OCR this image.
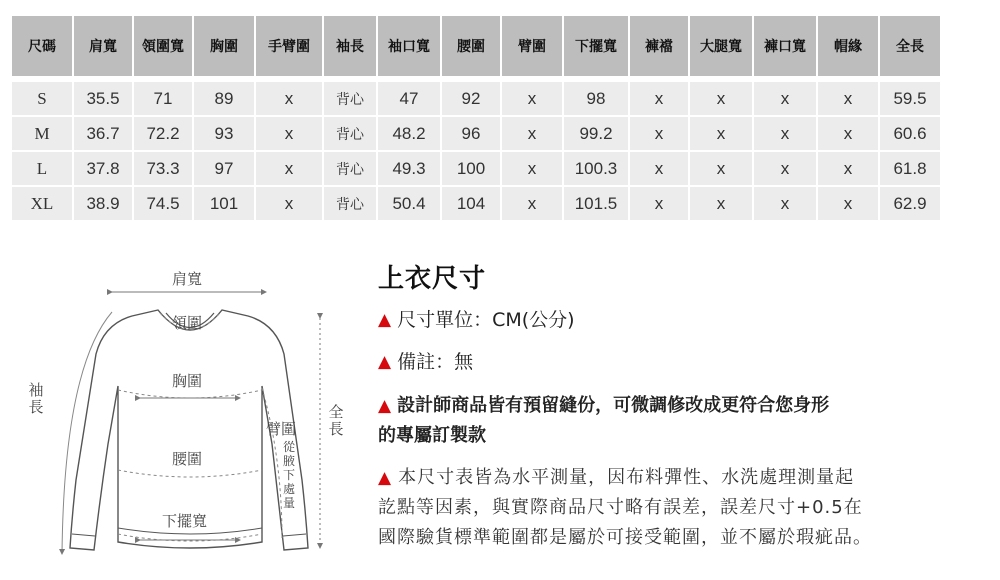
尺碼	肩寬	領圍寬	胸圍	手臂圍	袖長	袖口寬	腰圍	臂圍	下擺寬	褲襠	大腿寬	褲口寬	帽緣	全長

S	35.5	71	89	x	背心	47	92	x	98	x	x	x	x	59.5
M	36.7	72.2	93	x	背心	48.2	96	x	99.2	x	x	x	x	60.6
L	37.8	73.3	97	x	背心	49.3	100	x	100.3	x	x	x	x	61.8
XL	38.9	74.5	101	x	背心	50.4	104	x	101.5	x	x	x	x	62.9
肩寬
領圍
胸圍
腰圍
下擺寬
袖長
臂圍
從腋下處量
全長
上衣尺寸
▲ 尺寸單位：CM(公分)
▲ 備註：無
▲ 設計師商品皆有預留縫份，可微調修改成更符合您身形
的專屬訂製款
▲ 本尺寸表皆為水平測量，因布料彈性、水洗處理測量起
訖點等因素，與實際商品尺寸略有誤差，誤差尺寸+0.5在
國際驗貨標準範圍都是屬於可接受範圍，並不屬於瑕疵品。
